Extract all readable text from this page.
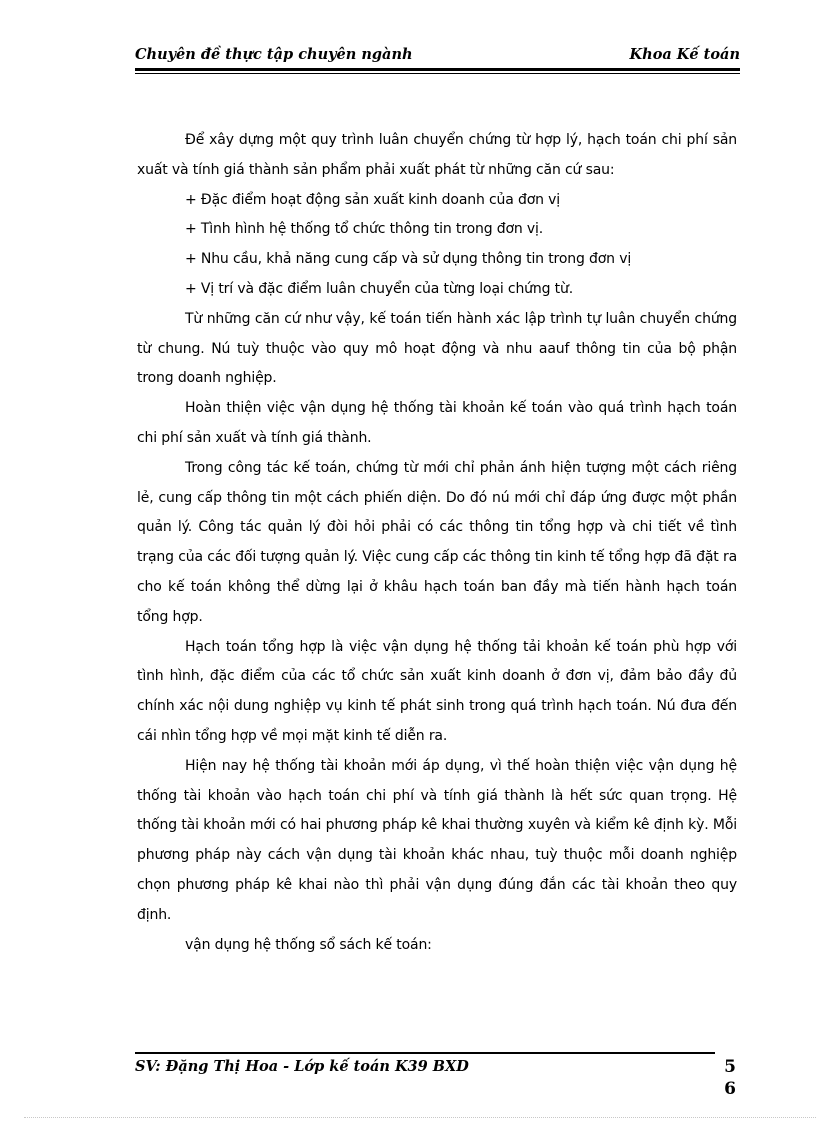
Chuyên đề thực tập chuyên ngành	Khoa Kế toán

Để xây dựng một quy trình luân chuyển chứng từ hợp lý, hạch toán chi phí sản xuất và tính giá thành sản phẩm phải xuất phát từ những căn cứ sau:

+ Đặc điểm hoạt động sản xuất kinh doanh của đơn vị

+ Tình hình hệ thống tổ chức thông tin trong đơn vị.

+ Nhu cầu, khả năng cung cấp và sử dụng thông tin trong đơn vị

+ Vị trí và đặc điểm luân chuyển của từng loại chứng từ.

Từ những căn cứ như vậy, kế toán tiến hành xác lập trình tự luân chuyển chứng từ chung. Nú tuỳ thuộc vào quy mô hoạt động và nhu aauf thông tin của bộ phận trong doanh nghiệp.

Hoàn thiện việc vận dụng hệ thống tài khoản kế toán vào quá trình hạch toán chi phí sản xuất và tính giá thành.

Trong công tác kế toán, chứng từ mới chỉ phản ánh hiện tượng một cách riêng lẻ, cung cấp thông tin một cách phiến diện. Do đó nú mới chỉ đáp ứng được một phần quản lý. Công tác quản lý đòi hỏi phải có các thông tin tổng hợp và chi tiết về tình trạng của các đối tượng quản lý. Việc cung cấp các thông tin kinh tế tổng hợp đã đặt ra cho kế toán không thể dừng lại ở khâu hạch toán ban đầy mà tiến hành hạch toán tổng hợp.

Hạch toán tổng hợp là việc vận dụng hệ thống tải khoản kế toán phù hợp với tình hình, đặc điểm của các tổ chức sản xuất kinh doanh ở đơn vị, đảm bảo đầy đủ chính xác nội dung nghiệp vụ kinh tế phát sinh trong quá trình hạch toán. Nú đưa đến cái nhìn tổng hợp về mọi mặt kinh tế diễn ra.

Hiện nay hệ thống tài khoản mới áp dụng, vì thế hoàn thiện việc vận dụng hệ thống tài khoản vào hạch toán chi phí và tính giá thành là hết sức quan trọng. Hệ thống tài khoản mới có hai phương pháp kê khai thường xuyên và kiểm kê định kỳ. Mỗi phương pháp này cách vận dụng tài khoản khác nhau, tuỳ thuộc mỗi doanh nghiệp chọn phương pháp kê khai nào thì phải vận dụng đúng đắn các tài khoản theo quy định.

vận dụng hệ thống sổ sách kế toán:

SV: Đặng Thị Hoa - Lớp kế toán K39 BXD	5
6
